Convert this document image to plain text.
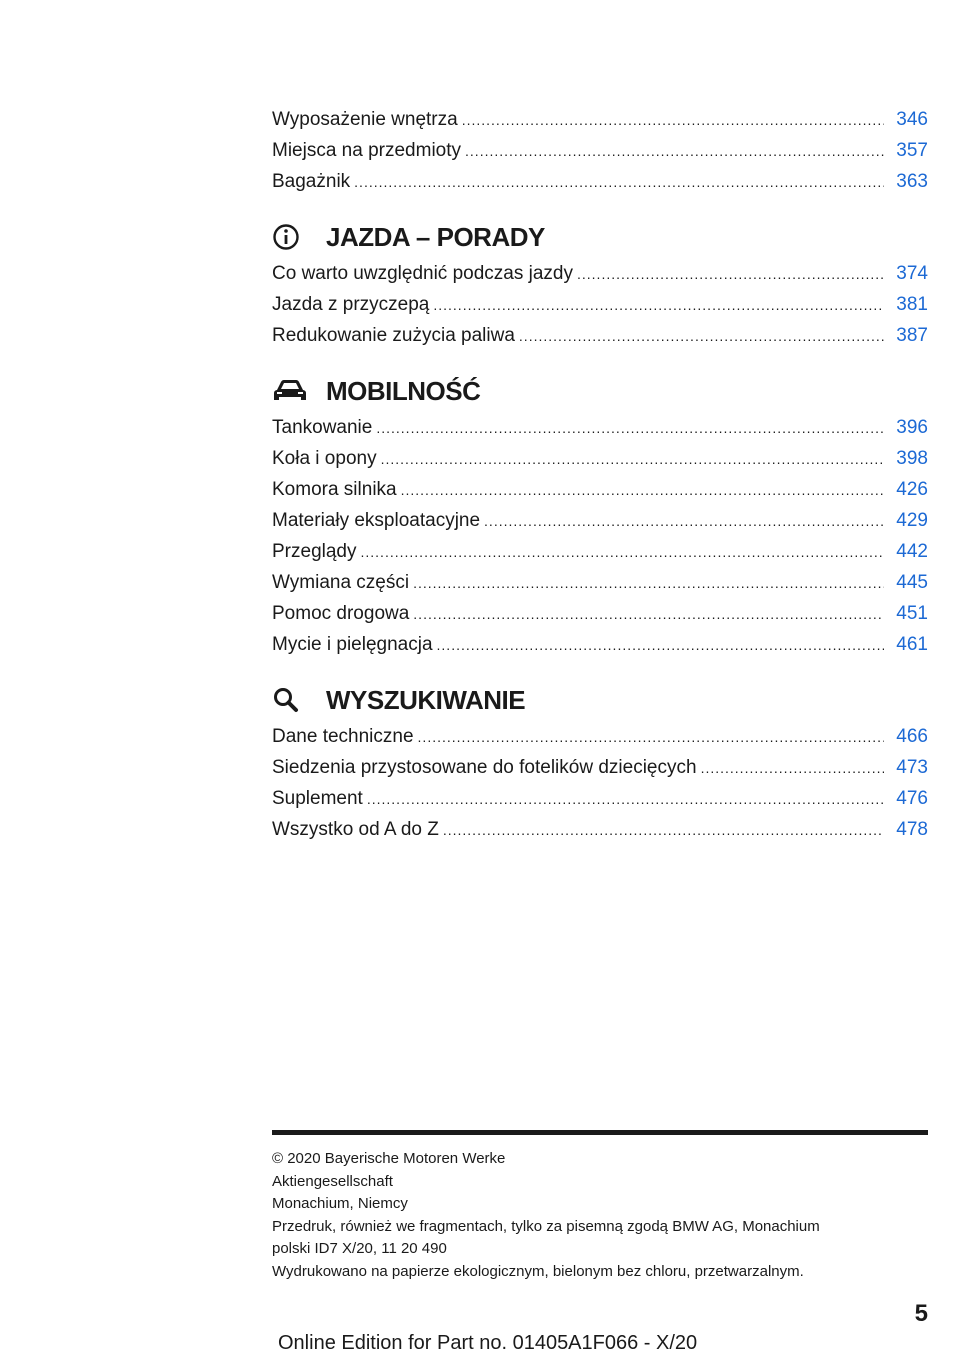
Wyposażenie wnętrza .....	346
Miejsca na przedmioty .....	357
Bagażnik .....	363
JAZDA – PORADY
Co warto uwzględnić podczas jazdy .....	374
Jazda z przyczepą .....	381
Redukowanie zużycia paliwa .....	387
MOBILNOŚĆ
Tankowanie .....	396
Koła i opony .....	398
Komora silnika .....	426
Materiały eksploatacyjne .....	429
Przeglądy .....	442
Wymiana części .....	445
Pomoc drogowa .....	451
Mycie i pielęgnacja .....	461
WYSZUKIWANIE
Dane techniczne .....	466
Siedzenia przystosowane do fotelików dziecięcych .....	473
Suplement .....	476
Wszystko od A do Z .....	478
© 2020 Bayerische Motoren Werke
Aktiengesellschaft
Monachium, Niemcy
Przedruk, również we fragmentach, tylko za pisemną zgodą BMW AG, Monachium
polski ID7 X/20, 11 20 490
Wydrukowano na papierze ekologicznym, bielonym bez chloru, przetwarzalnym.
5
Online Edition for Part no. 01405A1F066 - X/20
